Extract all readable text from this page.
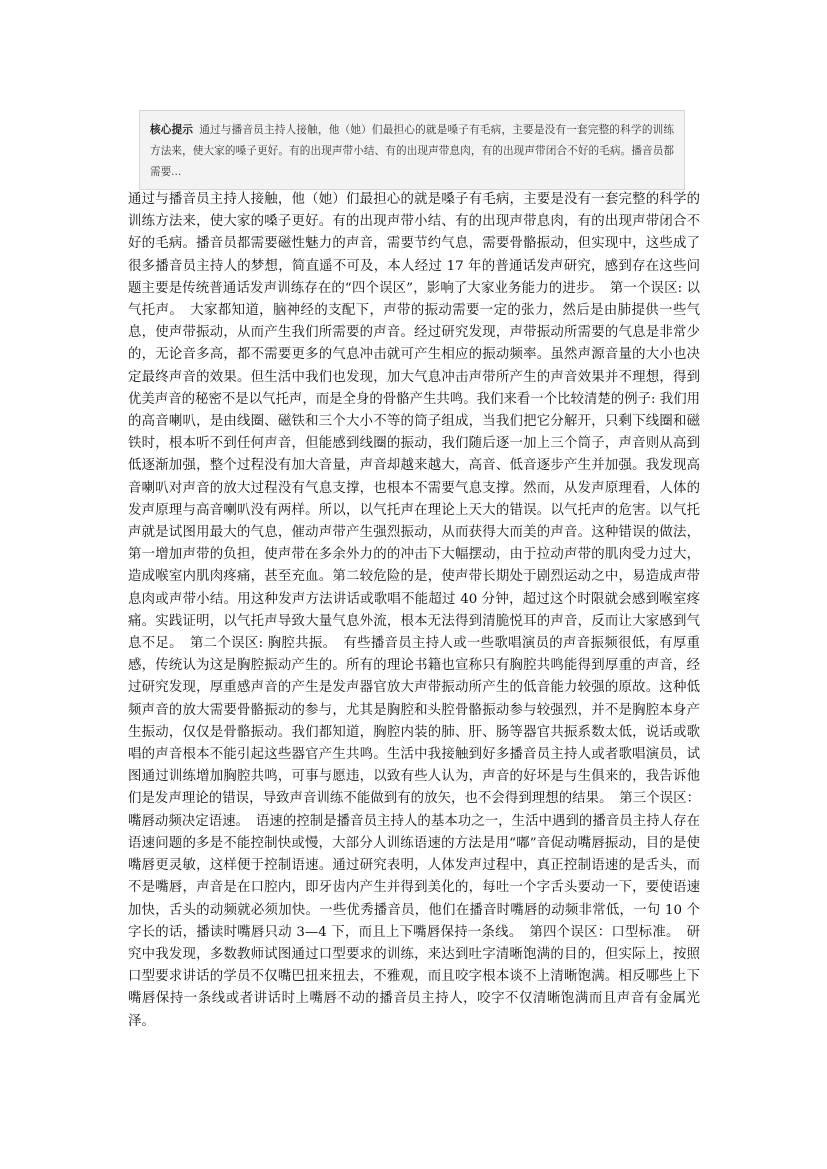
核心提示 通过与播音员主持人接触，他（她）们最担心的就是嗓子有毛病，主要是没有一套完整的科学的训练方法来，使大家的嗓子更好。有的出现声带小结、有的出现声带息肉，有的出现声带闭合不好的毛病。播音员都需要...
通过与播音员主持人接触，他（她）们最担心的就是嗓子有毛病，主要是没有一套完整的科学的训练方法来，使大家的嗓子更好。有的出现声带小结、有的出现声带息肉，有的出现声带闭合不好的毛病。播音员都需要磁性魅力的声音，需要节约气息，需要骨骼振动，但实现中，这些成了很多播音员主持人的梦想，简直遥不可及，本人经过 17 年的普通话发声研究，感到存在这些问题主要是传统普通话发声训练存在的“四个误区”，影响了大家业务能力的进步。　第一个误区: 以气托声。　大家都知道，脑神经的支配下，声带的振动需要一定的张力，然后是由肺提供一些气息，使声带振动，从而产生我们所需要的声音。经过研究发现，声带振动所需要的气息是非常少的，无论音多高，都不需要更多的气息冲击就可产生相应的振动频率。虽然声源音量的大小也决定最终声音的效果。但生活中我们也发现，加大气息冲击声带所产生的声音效果并不理想，得到优美声音的秘密不是以气托声，而是全身的骨骼产生共鸣。我们来看一个比较清楚的例子: 我们用的高音喇叭，是由线圈、磁铁和三个大小不等的筒子组成，当我们把它分解开，只剩下线圈和磁铁时，根本听不到任何声音，但能感到线圈的振动，我们随后逐一加上三个筒子，声音则从高到低逐渐加强，整个过程没有加大音量，声音却越来越大，高音、低音逐步产生并加强。我发现高音喇叭对声音的放大过程没有气息支撑，也根本不需要气息支撑。然而，从发声原理看，人体的发声原理与高音喇叭没有两样。所以，以气托声在理论上天大的错误。以气托声的危害。以气托声就是试图用最大的气息，催动声带产生强烈振动，从而获得大而美的声音。这种错误的做法，第一增加声带的负担，使声带在多余外力的的冲击下大幅摆动，由于拉动声带的肌肉受力过大，造成喉室内肌肉疼痛，甚至充血。第二较危险的是，使声带长期处于剧烈运动之中，易造成声带息肉或声带小结。用这种发声方法讲话或歌唱不能超过 40 分钟，超过这个时限就会感到喉室疼痛。实践证明，以气托声导致大量气息外流，根本无法得到清脆悦耳的声音，反而让大家感到气息不足。　第二个误区: 胸腔共振。　有些播音员主持人或一些歌唱演员的声音振频很低，有厚重感，传统认为这是胸腔振动产生的。所有的理论书籍也宣称只有胸腔共鸣能得到厚重的声音，经过研究发现，厚重感声音的产生是发声器官放大声带振动所产生的低音能力较强的原故。这种低频声音的放大需要骨骼振动的参与，尤其是胸腔和头腔骨骼振动参与较强烈，并不是胸腔本身产生振动，仅仅是骨骼振动。我们都知道，胸腔内装的肺、肝、肠等器官共振系数太低，说话或歌唱的声音根本不能引起这些器官产生共鸣。生活中我接触到好多播音员主持人或者歌唱演员，试图通过训练增加胸腔共鸣，可事与愿违，以致有些人认为，声音的好坏是与生俱来的，我告诉他们是发声理论的错误，导致声音训练不能做到有的放矢，也不会得到理想的结果。　第三个误区：嘴唇动频决定语速。　语速的控制是播音员主持人的基本功之一，生活中遇到的播音员主持人存在语速问题的多是不能控制快或慢，大部分人训练语速的方法是用“嘟”音促动嘴唇振动，目的是使嘴唇更灵敏，这样便于控制语速。通过研究表明，人体发声过程中，真正控制语速的是舌头，而不是嘴唇，声音是在口腔内，即牙齿内产生并得到美化的，每吐一个字舌头要动一下，要使语速加快，舌头的动频就必须加快。一些优秀播音员，他们在播音时嘴唇的动频非常低，一句 10 个字长的话，播读时嘴唇只动 3—4 下，而且上下嘴唇保持一条线。　第四个误区：口型标准。　研究中我发现，多数教师试图通过口型要求的训练，来达到吐字清晰饱满的目的，但实际上，按照口型要求讲话的学员不仅嘴巴扭来扭去，不雅观，而且咬字根本谈不上清晰饱满。相反哪些上下嘴唇保持一条线或者讲话时上嘴唇不动的播音员主持人，咬字不仅清晰饱满而且声音有金属光泽。
